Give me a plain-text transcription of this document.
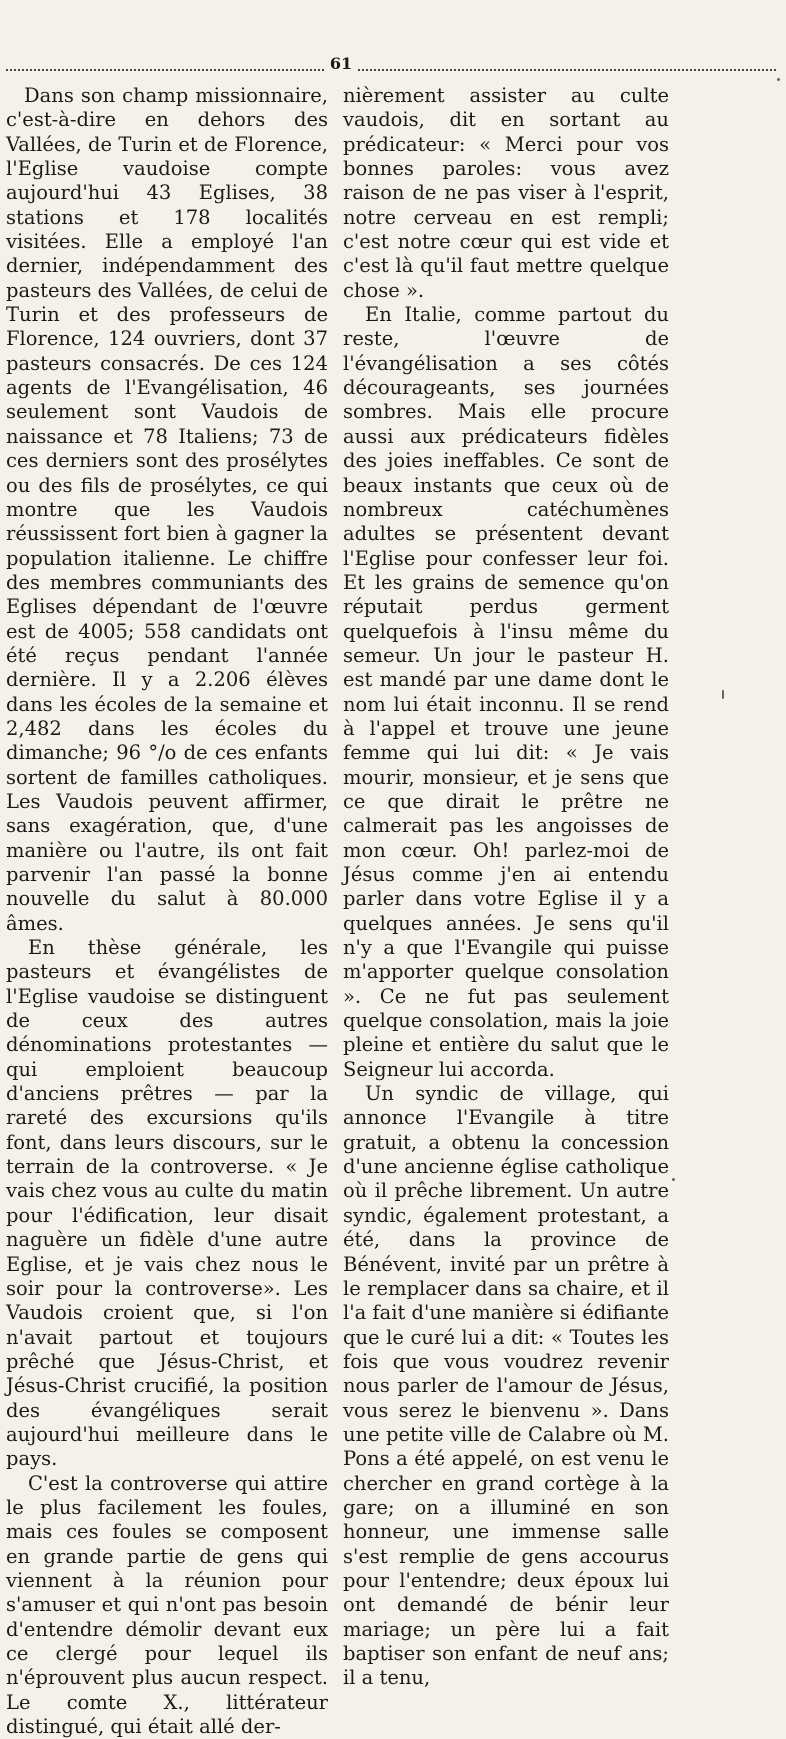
61

Dans son champ missionnaire, c'est-à-dire en dehors des Vallées, de Turin et de Florence, l'Eglise vaudoise compte aujourd'hui 43 Eglises, 38 stations et 178 localités visitées. Elle a employé l'an dernier, indépendamment des pasteurs des Vallées, de celui de Turin et des professeurs de Florence, 124 ouvriers, dont 37 pasteurs consacrés. De ces 124 agents de l'Evangélisation, 46 seulement sont Vaudois de naissance et 78 Italiens; 73 de ces derniers sont des prosélytes ou des fils de prosélytes, ce qui montre que les Vaudois réussissent fort bien à gagner la population italienne. Le chiffre des membres communiants des Eglises dépendant de l'œuvre est de 4005; 558 candidats ont été reçus pendant l'année dernière. Il y a 2.206 élèves dans les écoles de la semaine et 2,482 dans les écoles du dimanche; 96 °/o de ces enfants sortent de familles catholiques. Les Vaudois peuvent affirmer, sans exagération, que, d'une manière ou l'autre, ils ont fait parvenir l'an passé la bonne nouvelle du salut à 80.000 âmes.

En thèse générale, les pasteurs et évangélistes de l'Eglise vaudoise se distinguent de ceux des autres dénominations protestantes — qui emploient beaucoup d'anciens prêtres — par la rareté des excursions qu'ils font, dans leurs discours, sur le terrain de la controverse. « Je vais chez vous au culte du matin pour l'édification, leur disait naguère un fidèle d'une autre Eglise, et je vais chez nous le soir pour la controverse». Les Vaudois croient que, si l'on n'avait partout et toujours prêché que Jésus-Christ, et Jésus-Christ crucifié, la position des évangéliques serait aujourd'hui meilleure dans le pays.

C'est la controverse qui attire le plus facilement les foules, mais ces foules se composent en grande partie de gens qui viennent à la réunion pour s'amuser et qui n'ont pas besoin d'entendre démolir devant eux ce clergé pour lequel ils n'éprouvent plus aucun respect. Le comte X., littérateur distingué, qui était allé der-

nièrement assister au culte vaudois, dit en sortant au prédicateur: « Merci pour vos bonnes paroles: vous avez raison de ne pas viser à l'esprit, notre cerveau en est rempli; c'est notre cœur qui est vide et c'est là qu'il faut mettre quelque chose ».

En Italie, comme partout du reste, l'œuvre de l'évangélisation a ses côtés décourageants, ses journées sombres. Mais elle procure aussi aux prédicateurs fidèles des joies ineffables. Ce sont de beaux instants que ceux où de nombreux catéchumènes adultes se présentent devant l'Eglise pour confesser leur foi. Et les grains de semence qu'on réputait perdus germent quelquefois à l'insu même du semeur. Un jour le pasteur H. est mandé par une dame dont le nom lui était inconnu. Il se rend à l'appel et trouve une jeune femme qui lui dit: « Je vais mourir, monsieur, et je sens que ce que dirait le prêtre ne calmerait pas les angoisses de mon cœur. Oh! parlez-moi de Jésus comme j'en ai entendu parler dans votre Eglise il y a quelques années. Je sens qu'il n'y a que l'Evangile qui puisse m'apporter quelque consolation ». Ce ne fut pas seulement quelque consolation, mais la joie pleine et entière du salut que le Seigneur lui accorda.

Un syndic de village, qui annonce l'Evangile à titre gratuit, a obtenu la concession d'une ancienne église catholique où il prêche librement. Un autre syndic, également protestant, a été, dans la province de Bénévent, invité par un prêtre à le remplacer dans sa chaire, et il l'a fait d'une manière si édifiante que le curé lui a dit: « Toutes les fois que vous voudrez revenir nous parler de l'amour de Jésus, vous serez le bienvenu ». Dans une petite ville de Calabre où M. Pons a été appelé, on est venu le chercher en grand cortège à la gare; on a illuminé en son honneur, une immense salle s'est remplie de gens accourus pour l'entendre; deux époux lui ont demandé de bénir leur mariage; un père lui a fait baptiser son enfant de neuf ans; il a tenu,
